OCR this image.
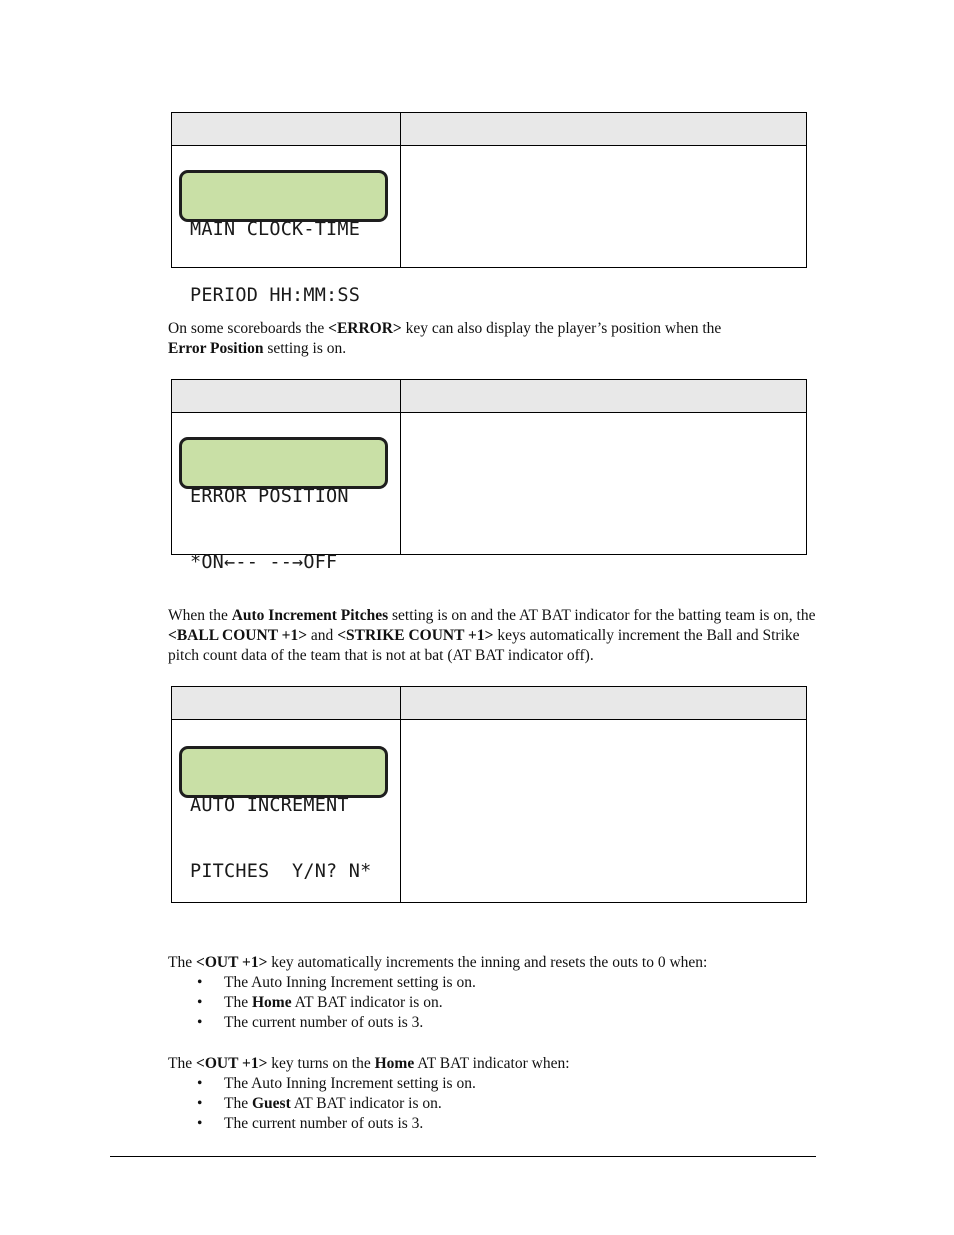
MAIN CLOCK-TIME

PERIOD HH:MM:SS

On some scoreboards the <ERROR> key can also display the player’s position when the
Error Position setting is on.

ERROR POSITION

*ON←-- --→OFF

When the Auto Increment Pitches setting is on and the AT BAT indicator for the batting team is on, the <BALL COUNT +1> and <STRIKE COUNT +1> keys automatically increment the Ball and Strike pitch count data of the team that is not at bat (AT BAT indicator off).

AUTO INCREMENT

PITCHES  Y/N? N*

The <OUT +1> key automatically increments the inning and resets the outs to 0 when:

• The Auto Inning Increment setting is on.
• The Home AT BAT indicator is on.
• The current number of outs is 3.

The <OUT +1> key turns on the Home AT BAT indicator when:

• The Auto Inning Increment setting is on.
• The Guest AT BAT indicator is on.
• The current number of outs is 3.
